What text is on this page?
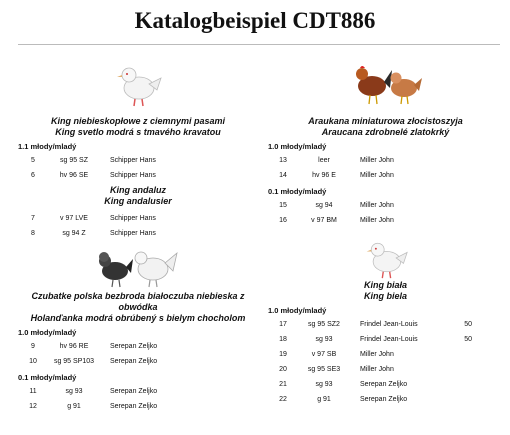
Katalogbeispiel CDT886
King niebieskopłowe z ciemnymi pasami
King svetlo modrá s tmavého kravatou
1.1 młody/mladý
5	sg 95 SZ	Schipper Hans
6	hv 96 SE	Schipper Hans
King andaluz
King andalusier
7	v 97 LVE	Schipper Hans
8	sg 94 Z	Schipper Hans
Czubatke polska bezbroda białoczuba niebieska z obwódka
Holanďanka modrá obrúbený s bielym chocholom
1.0 młody/mladý
9	hv 96 RE	Serepan Zeljko
10	sg 95 SP103	Serepan Zeljko
0.1 młody/mladý
11	sg 93	Serepan Zeljko
12	g 91	Serepan Zeljko
Araukana miniaturowa złocistoszyja
Araucana zdrobnelé zlatokrký
1.0 młody/mladý
13	leer	Miller John
14	hv 96 E	Miller John
0.1 młody/mladý
15	sg 94	Miller John
16	v 97 BM	Miller John
King biała
King biela
1.0 młody/mladý
17	sg 95 SZ2	Frindel Jean-Louis	50
18	sg 93	Frindel Jean-Louis	50
19	v 97 SB	Miller John
20	sg 95 SE3	Miller John
21	sg 93	Serepan Zeljko
22	g 91	Serepan Zeljko
